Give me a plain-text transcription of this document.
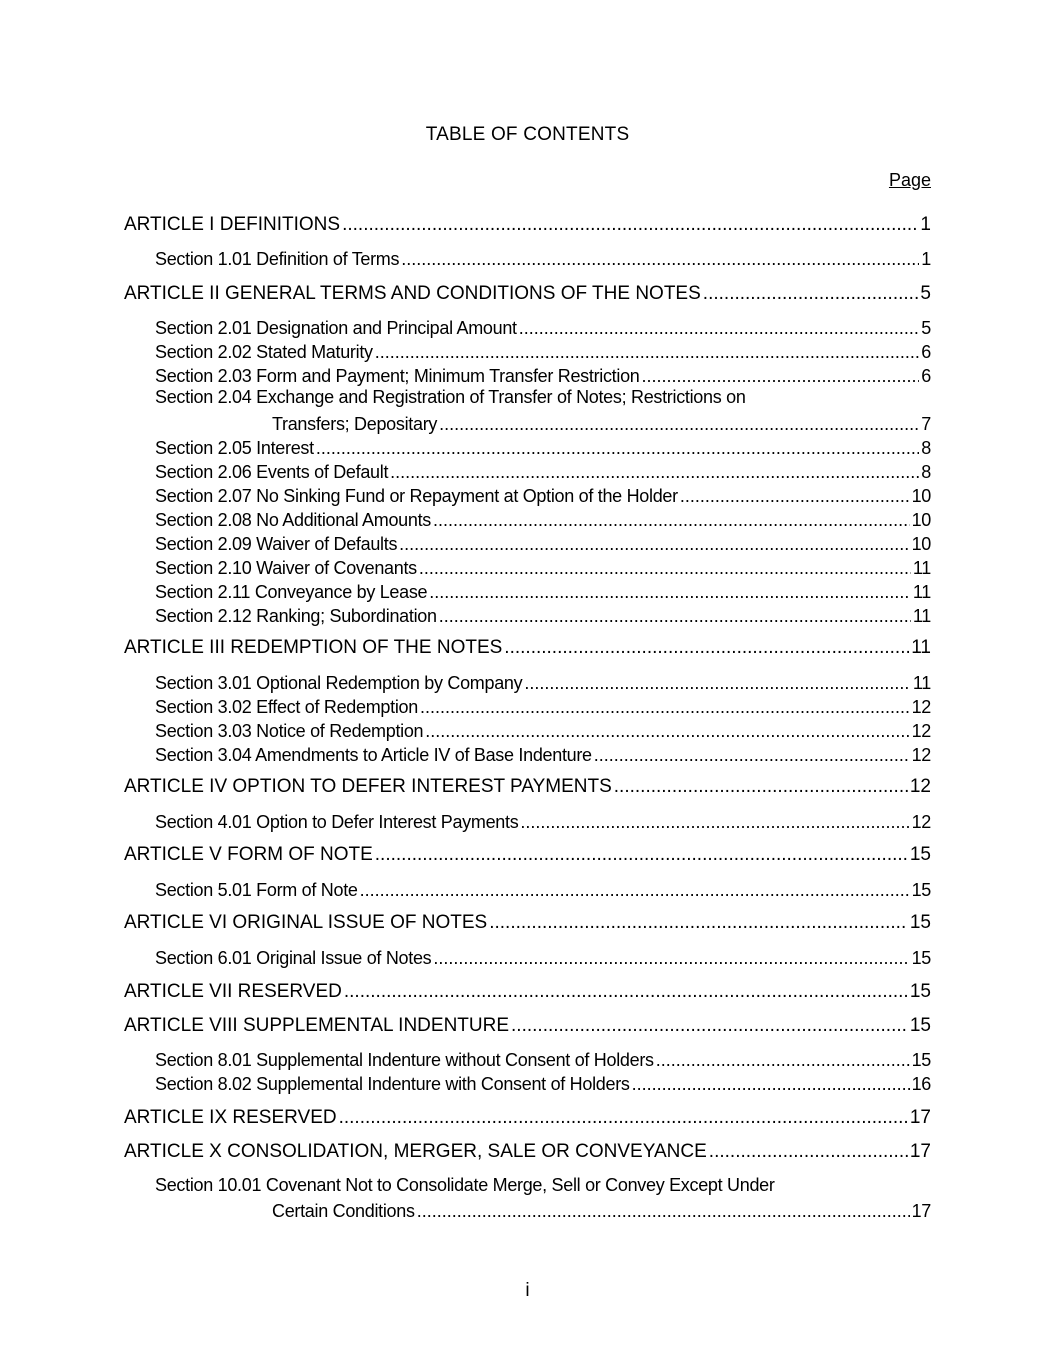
TABLE OF CONTENTS
Page
ARTICLE I DEFINITIONS .....	1
Section 1.01 Definition of Terms .....	1
ARTICLE II GENERAL TERMS AND CONDITIONS OF THE NOTES .....	5
Section 2.01 Designation and Principal Amount .....	5
Section 2.02 Stated Maturity .....	6
Section 2.03 Form and Payment; Minimum Transfer Restriction .....	6
Section 2.04 Exchange and Registration of Transfer of Notes; Restrictions on
Transfers; Depositary .....	7
Section 2.05 Interest .....	8
Section 2.06 Events of Default .....	8
Section 2.07 No Sinking Fund or Repayment at Option of the Holder .....	10
Section 2.08 No Additional Amounts .....	10
Section 2.09 Waiver of Defaults .....	10
Section 2.10 Waiver of Covenants .....	11
Section 2.11 Conveyance by Lease .....	11
Section 2.12 Ranking; Subordination .....	11
ARTICLE III REDEMPTION OF THE NOTES .....	11
Section 3.01 Optional Redemption by Company .....	11
Section 3.02 Effect of Redemption .....	12
Section 3.03 Notice of Redemption .....	12
Section 3.04 Amendments to Article IV of Base Indenture .....	12
ARTICLE IV OPTION TO DEFER INTEREST PAYMENTS .....	12
Section 4.01 Option to Defer Interest Payments .....	12
ARTICLE V FORM OF NOTE .....	15
Section 5.01 Form of Note .....	15
ARTICLE VI ORIGINAL ISSUE OF NOTES .....	15
Section 6.01 Original Issue of Notes .....	15
ARTICLE VII RESERVED .....	15
ARTICLE VIII SUPPLEMENTAL INDENTURE .....	15
Section 8.01 Supplemental Indenture without Consent of Holders .....	15
Section 8.02 Supplemental Indenture with Consent of Holders .....	16
ARTICLE IX RESERVED .....	17
ARTICLE X CONSOLIDATION, MERGER, SALE OR CONVEYANCE .....	17
Section 10.01 Covenant Not to Consolidate Merge, Sell or Convey Except Under
Certain Conditions .....	17
i
